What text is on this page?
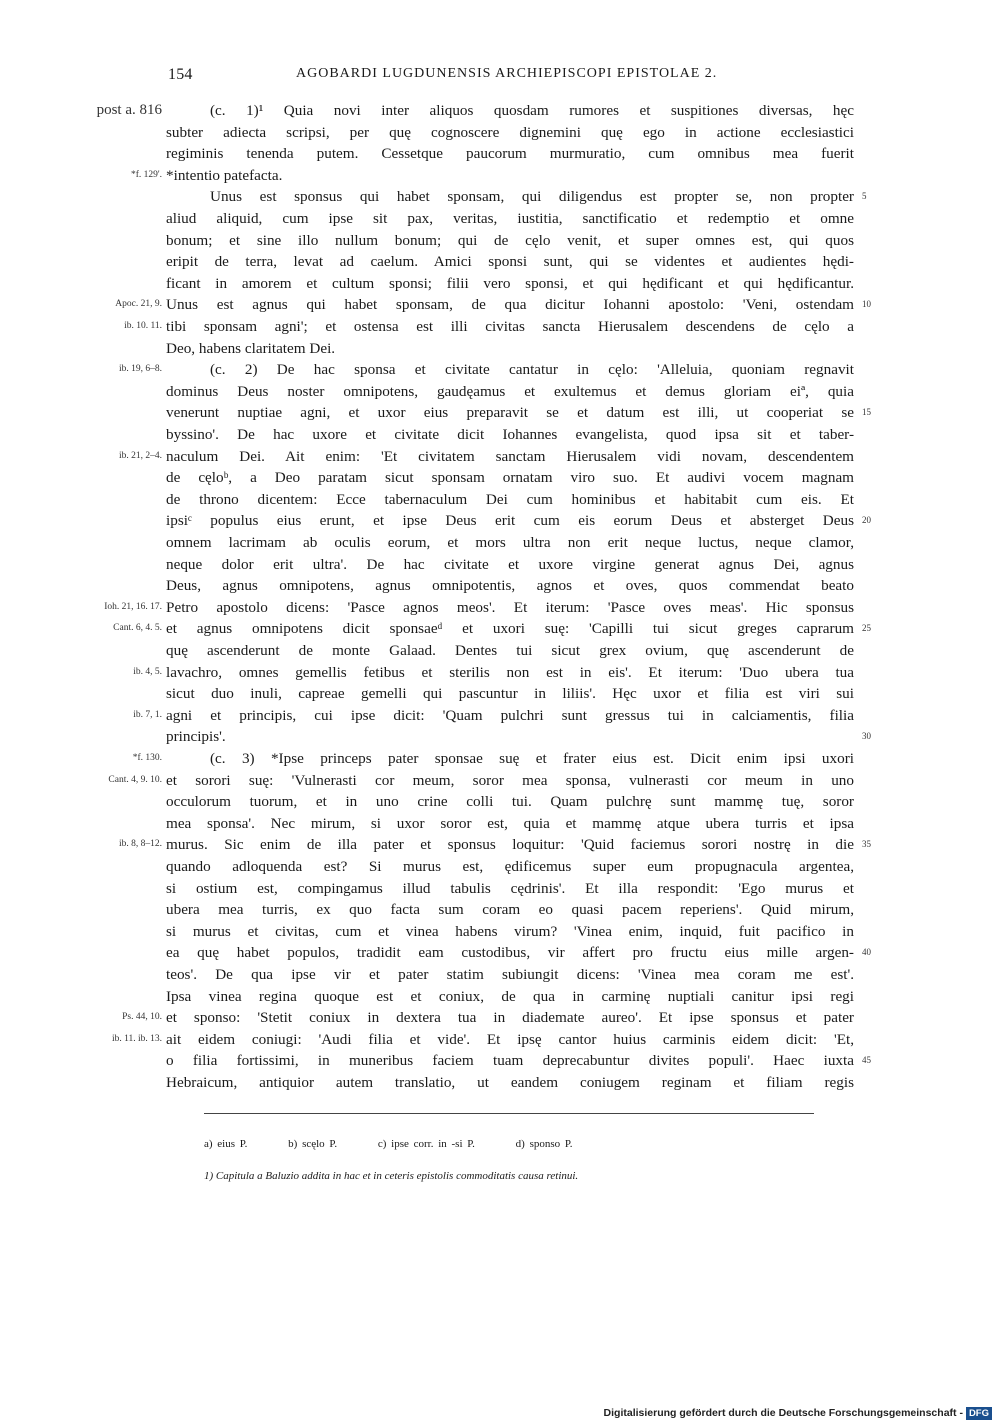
154	AGOBARDI LUGDUNENSIS ARCHIEPISCOPI EPISTOLAE 2.
(c. 1)¹ Quia novi inter aliquos quosdam rumores et suspitiones diversas, hęc
subter adiecta scripsi, per quę cognoscere dignemini quę ego in actione ecclesiastici
regiminis tenenda putem. Cessetque paucorum murmuratio, cum omnibus mea fuerit
*intentio patefacta.
Unus est sponsus qui habet sponsam, qui diligendus est propter se, non propter
aliud aliquid, cum ipse sit pax, veritas, iustitia, sanctificatio et redemptio et omne
bonum; et sine illo nullum bonum; qui de cęlo venit, et super omnes est, qui quos
eripit de terra, levat ad caelum. Amici sponsi sunt, qui se videntes et audientes hędi-
ficant in amorem et cultum sponsi; filii vero sponsi, et qui hędificant et qui hędificantur.
Unus est agnus qui habet sponsam, de qua dicitur Iohanni apostolo: 'Veni, ostendam
tibi sponsam agni'; et ostensa est illi civitas sancta Hierusalem descendens de cęlo a
Deo, habens claritatem Dei.
(c. 2) De hac sponsa et civitate cantatur in cęlo: 'Alleluia, quoniam regnavit
dominus Deus noster omnipotens, gaudęamus et exultemus et demus gloriam eiª, quia
venerunt nuptiae agni, et uxor eius preparavit se et datum est illi, ut cooperiat se
byssino'. De hac uxore et civitate dicit Iohannes evangelista, quod ipsa sit et taber-
naculum Dei. Ait enim: 'Et civitatem sanctam Hierusalem vidi novam, descendentem
de cęloᵇ, a Deo paratam sicut sponsam ornatam viro suo. Et audivi vocem magnam
de throno dicentem: Ecce tabernaculum Dei cum hominibus et habitabit cum eis. Et
ipsiᶜ populus eius erunt, et ipse Deus erit cum eis eorum Deus et absterget Deus
omnem lacrimam ab oculis eorum, et mors ultra non erit neque luctus, neque clamor,
neque dolor erit ultra'. De hac civitate et uxore virgine generat agnus Dei, agnus
Deus, agnus omnipotens, agnus omnipotentis, agnos et oves, quos commendat beato
Petro apostolo dicens: 'Pasce agnos meos'. Et iterum: 'Pasce oves meas'. Hic sponsus
et agnus omnipotens dicit sponsaeᵈ et uxori suę: 'Capilli tui sicut greges caprarum
quę ascenderunt de monte Galaad. Dentes tui sicut grex ovium, quę ascenderunt de
lavachro, omnes gemellis fetibus et sterilis non est in eis'. Et iterum: 'Duo ubera tua
sicut duo inuli, capreae gemelli qui pascuntur in liliis'. Hęc uxor et filia est viri sui
agni et principis, cui ipse dicit: 'Quam pulchri sunt gressus tui in calciamentis, filia
principis'.
(c. 3) *Ipse princeps pater sponsae suę et frater eius est. Dicit enim ipsi uxori
et sorori suę: 'Vulnerasti cor meum, soror mea sponsa, vulnerasti cor meum in uno
occulorum tuorum, et in uno crine colli tui. Quam pulchrę sunt mammę tuę, soror
mea sponsa'. Nec mirum, si uxor soror est, quia et mammę atque ubera turris et ipsa
murus. Sic enim de illa pater et sponsus loquitur: 'Quid faciemus sorori nostrę in die
quando adloquenda est? Si murus est, ędificemus super eum propugnacula argentea,
si ostium est, compingamus illud tabulis cędrinis'. Et illa respondit: 'Ego murus et
ubera mea turris, ex quo facta sum coram eo quasi pacem reperiens'. Quid mirum,
si murus et civitas, cum et vinea habens virum? 'Vinea enim, inquid, fuit pacifico in
ea quę habet populos, tradidit eam custodibus, vir affert pro fructu eius mille argen-
teos'. De qua ipse vir et pater statim subiungit dicens: 'Vinea mea coram me est'.
Ipsa vinea regina quoque est et coniux, de qua in carminę nuptiali canitur ipsi regi
et sponso: 'Stetit coniux in dextera tua in diademate aureo'. Et ipse sponsus et pater
ait eidem coniugi: 'Audi filia et vide'. Et ipsę cantor huius carminis eidem dicit: 'Et,
o filia fortissimi, in muneribus faciem tuam deprecabuntur divites populi'. Haec iuxta
Hebraicum, antiquior autem translatio, ut eandem coniugem reginam et filiam regis
post a. 816
*f. 129'.
Apoc. 21, 9.
ib. 10. 11.
ib. 19, 6–8.
ib. 21, 2–4.
Ioh. 21, 16. 17.
Cant. 6, 4. 5.
ib. 4, 5.
ib. 7, 1.
*f. 130.
Cant. 4, 9. 10.
ib. 8, 8–12.
Ps. 44, 10.
ib. 11. ib. 13.
5
10
15
20
25
30
35
40
45
a) eius P.	b) scęlo P.	c) ipse corr. in -si P.	d) sponso P.
1) Capitula a Baluzio addita in hac et in ceteris epistolis commoditatis causa retinui.
Digitalisierung gefördert durch die Deutsche Forschungsgemeinschaft - DFG
